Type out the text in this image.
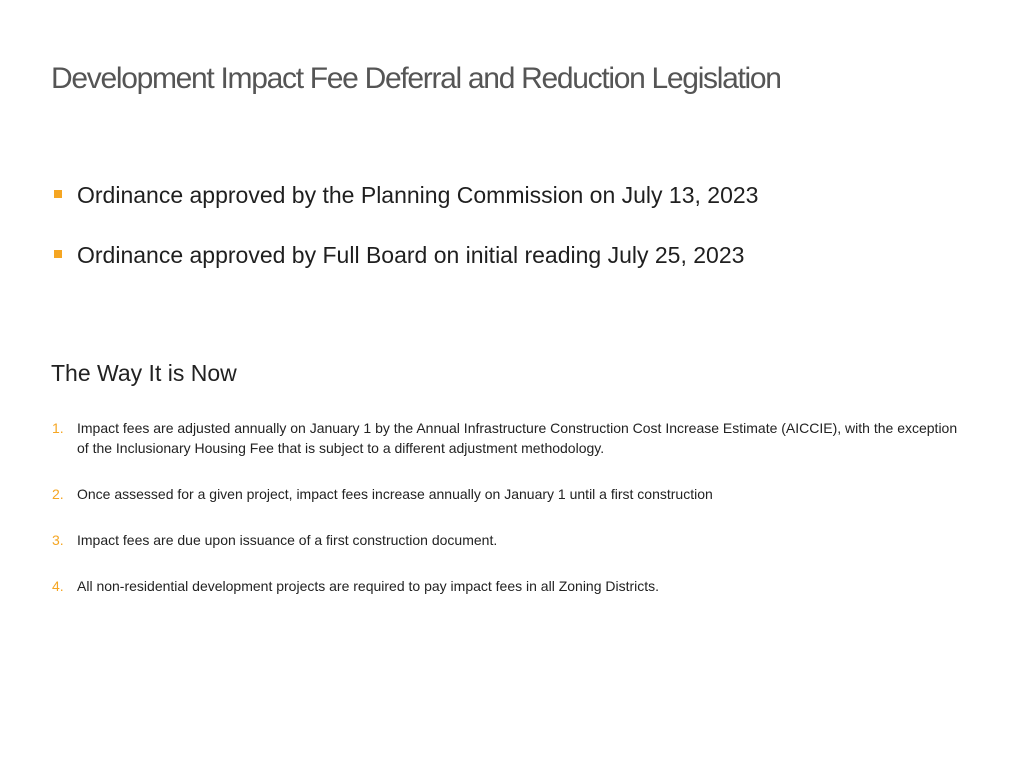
Development Impact Fee Deferral and Reduction Legislation
Ordinance approved by the Planning Commission on July 13, 2023
Ordinance approved by Full Board on initial reading July 25, 2023
The Way It is Now
1. Impact fees are adjusted annually on January 1 by the Annual Infrastructure Construction Cost Increase Estimate (AICCIE), with the exception of the Inclusionary Housing Fee that is subject to a different adjustment methodology.
2. Once assessed for a given project, impact fees increase annually on January 1 until a first construction
3. Impact fees are due upon issuance of a first construction document.
4. All non-residential development projects are required to pay impact fees in all Zoning Districts.
